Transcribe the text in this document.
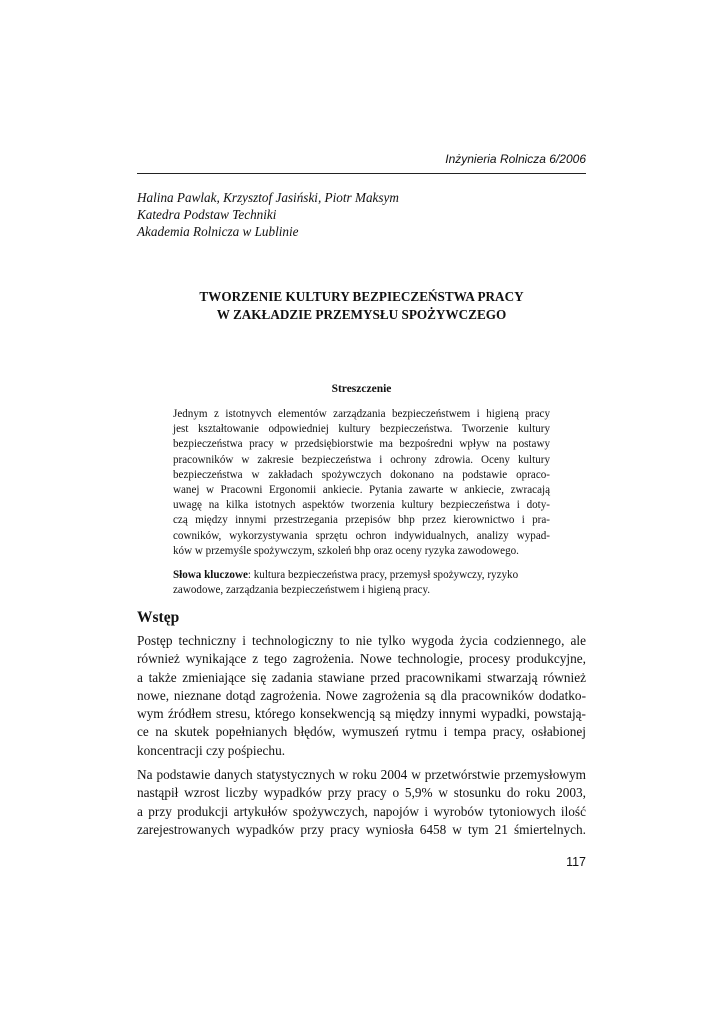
Inżynieria Rolnicza 6/2006
Halina Pawlak, Krzysztof Jasiński, Piotr Maksym
Katedra Podstaw Techniki
Akademia Rolnicza w Lublinie
TWORZENIE KULTURY BEZPIECZEŃSTWA PRACY
W ZAKŁADZIE PRZEMYSŁU SPOŻYWCZEGO
Streszczenie
Jednym z istotnyvch elementów zarządzania bezpieczeństwem i higieną pracy
jest kształtowanie odpowiedniej kultury bezpieczeństwa. Tworzenie kultury
bezpieczeństwa pracy w przedsiębiorstwie ma bezpośredni wpływ na postawy
pracowników w zakresie bezpieczeństwa i ochrony zdrowia. Oceny kultury
bezpieczeństwa w zakładach spożywczych dokonano na podstawie opraco-
wanej w Pracowni Ergonomii ankiecie. Pytania zawarte w ankiecie, zwracają
uwagę na kilka istotnych aspektów tworzenia kultury bezpieczeństwa i doty-
czą między innymi przestrzegania przepisów bhp przez kierownictwo i pra-
cowników, wykorzystywania sprzętu ochron indywidualnych, analizy wypad-
ków w przemyśle spożywczym, szkoleń bhp oraz oceny ryzyka zawodowego.
Słowa kluczowe: kultura bezpieczeństwa pracy, przemysł spożywczy, ryzyko
zawodowe, zarządzania bezpieczeństwem i higieną pracy.
Wstęp
Postęp techniczny i technologiczny to nie tylko wygoda życia codziennego, ale
również wynikające z tego zagrożenia. Nowe technologie, procesy produkcyjne,
a także zmieniające się zadania stawiane przed pracownikami stwarzają również
nowe, nieznane dotąd zagrożenia. Nowe zagrożenia są dla pracowników dodatko-
wym źródłem stresu, którego konsekwencją są między innymi wypadki, powstają-
ce na skutek popełnianych błędów, wymuszeń rytmu i tempa pracy, osłabionej
koncentracji czy pośpiechu.
Na podstawie danych statystycznych w roku 2004 w przetwórstwie przemysłowym
nastąpił wzrost liczby wypadków przy pracy o 5,9% w stosunku do roku 2003,
a przy produkcji artykułów spożywczych, napojów i wyrobów tytoniowych ilość
zarejestrowanych wypadków przy pracy wyniosła 6458 w tym 21 śmiertelnych.
117
